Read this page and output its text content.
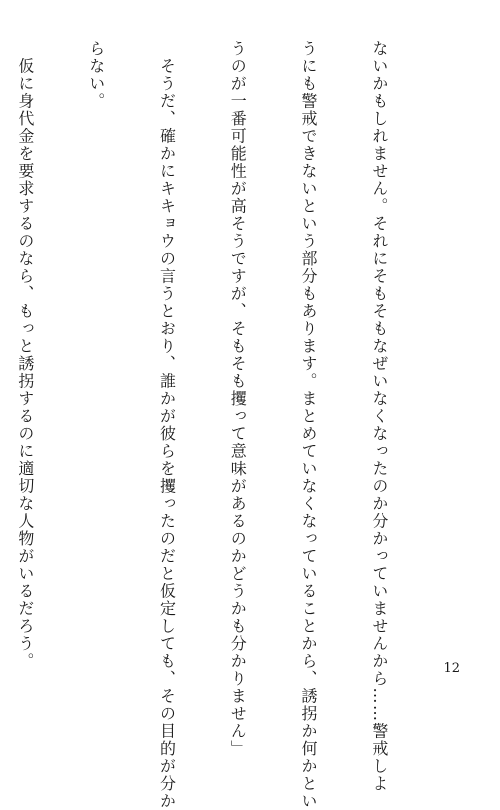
ないかもしれません。それにそもそもなぜいなくなったのか分かっていませんから……警戒しよ

うにも警戒できないという部分もあります。まとめていなくなっていることから、誘拐か何かとい

うのが一番可能性が高そうですが、そもそも攫って意味があるのかどうかも分かりません」

　そうだ、確かにキキョウの言うとおり、誰かが彼らを攫ったのだと仮定しても、その目的が分か

らない。

　仮に身代金を要求するのなら、もっと誘拐するのに適切な人物がいるだろう。

	12
